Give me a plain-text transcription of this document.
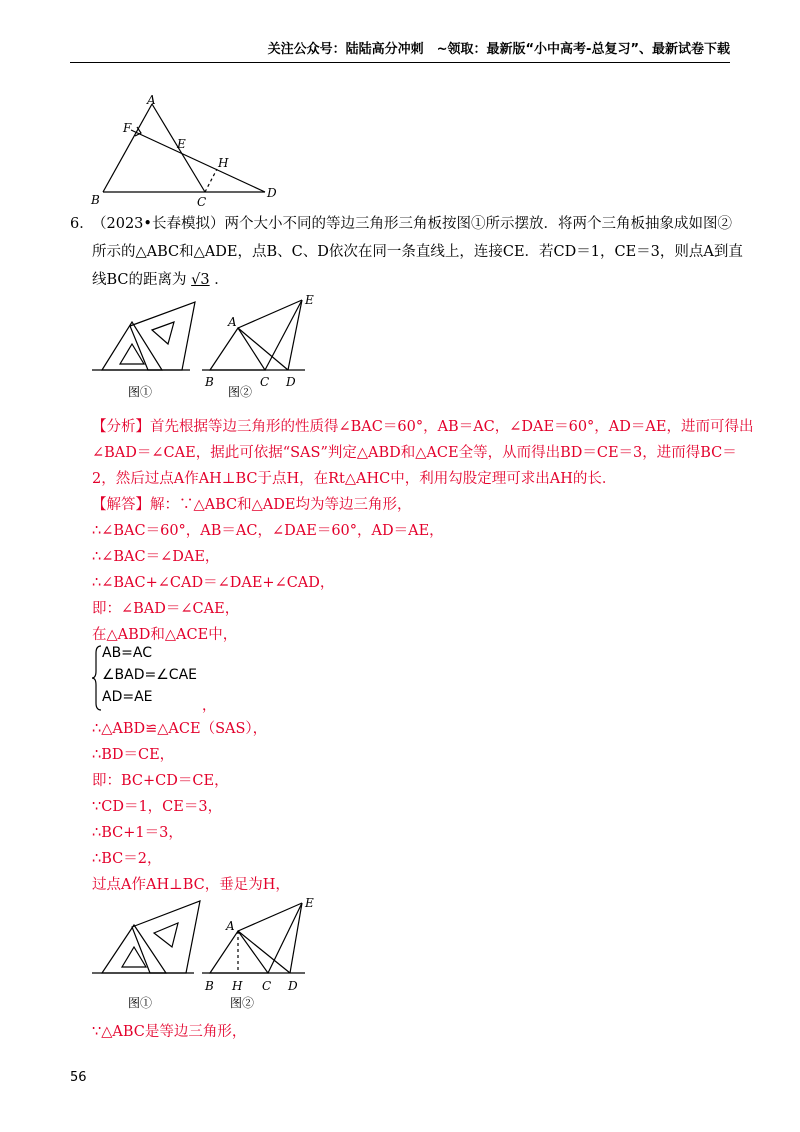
关注公众号：陆陆高分冲刺　~领取：最新版“小中高考-总复习”、最新试卷下载
A
F
E
H
B	C
D
6．（2023•长春模拟）两个大小不同的等边三角形三角板按图①所示摆放．将两个三角板抽象成如图②
所示的△ABC和△ADE，点B、C、D依次在同一条直线上，连接CE．若CD＝1，CE＝3，则点A到直
线BC的距离为 √3 ．
A
E
B	C D
图①	图②
【分析】首先根据等边三角形的性质得∠BAC＝60°，AB＝AC，∠DAE＝60°，AD＝AE，进而可得出
∠BAD＝∠CAE，据此可依据“SAS”判定△ABD和△ACE全等，从而得出BD＝CE＝3，进而得BC＝
2，然后过点A作AH⊥BC于点H，在Rt△AHC中，利用勾股定理可求出AH的长．
【解答】解：∵△ABC和△ADE均为等边三角形，
∴∠BAC＝60°，AB＝AC，∠DAE＝60°，AD＝AE，
∴∠BAC＝∠DAE，
∴∠BAC+∠CAD＝∠DAE+∠CAD，
即：∠BAD＝∠CAE，
在△ABD和△ACE中，
AB=AC
∠BAD=∠CAE
AD=AE
，
∴△ABD≌△ACE（SAS），
∴BD＝CE，
即：BC+CD＝CE，
∵CD＝1，CE＝3，
∴BC+1＝3，
∴BC＝2，
过点A作AH⊥BC，垂足为H，
A
E
B H C D
图①	图②
∵△ABC是等边三角形，
56
